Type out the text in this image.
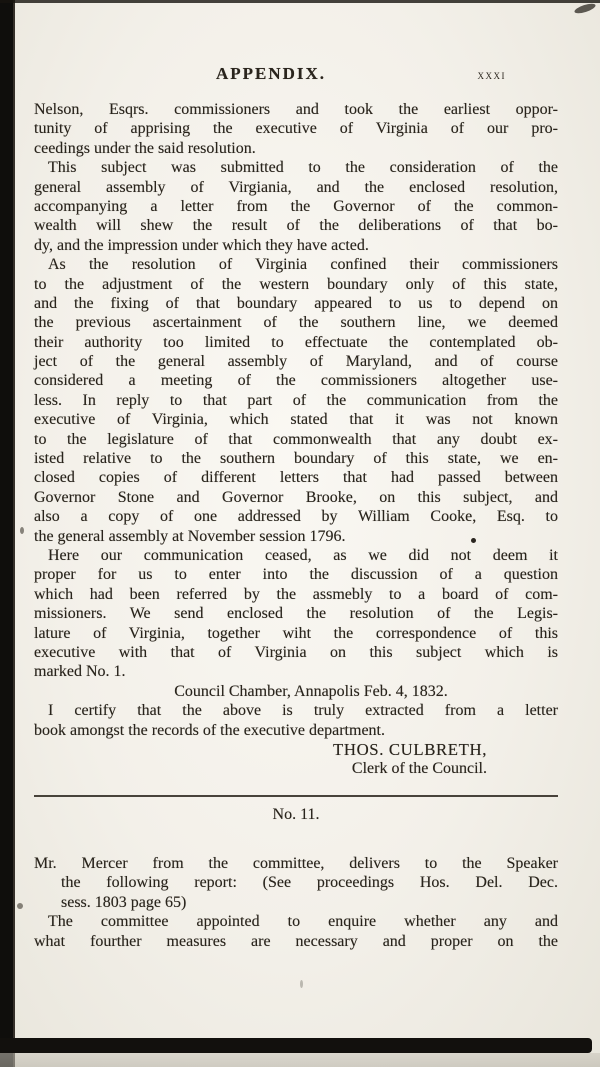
APPENDIX.	xxxi
Nelson, Esqrs. commissioners and took the earliest oppor-
tunity of apprising the executive of Virginia of our pro-
ceedings under the said resolution.
This subject was submitted to the consideration of the
general assembly of Virgiania, and the enclosed resolution,
accompanying a letter from the Governor of the common-
wealth will shew the result of the deliberations of that bo-
dy, and the impression under which they have acted.
As the resolution of Virginia confined their commissioners
to the adjustment of the western boundary only of this state,
and the fixing of that boundary appeared to us to depend on
the previous ascertainment of the southern line, we deemed
their authority too limited to effectuate the contemplated ob-
ject of the general assembly of Maryland, and of course
considered a meeting of the commissioners altogether use-
less. In reply to that part of the communication from the
executive of Virginia, which stated that it was not known
to the legislature of that commonwealth that any doubt ex-
isted relative to the southern boundary of this state, we en-
closed copies of different letters that had passed between
Governor Stone and Governor Brooke, on this subject, and
also a copy of one addressed by William Cooke, Esq. to
the general assembly at November session 1796.
Here our communication ceased, as we did not deem it
proper for us to enter into the discussion of a question
which had been referred by the assmebly to a board of com-
missioners. We send enclosed the resolution of the Legis-
lature of Virginia, together wiht the correspondence of this
executive with that of Virginia on this subject which is
marked No. 1.
Council Chamber, Annapolis Feb. 4, 1832.
I certify that the above is truly extracted from a letter
book amongst the records of the executive department.
THOS. CULBRETH,
Clerk of the Council.
No. 11.
Mr. Mercer from the committee, delivers to the Speaker
the following report: (See proceedings Hos. Del. Dec.
sess. 1803 page 65)
The committee appointed to enquire whether any and
what fourther measures are necessary and proper on the
